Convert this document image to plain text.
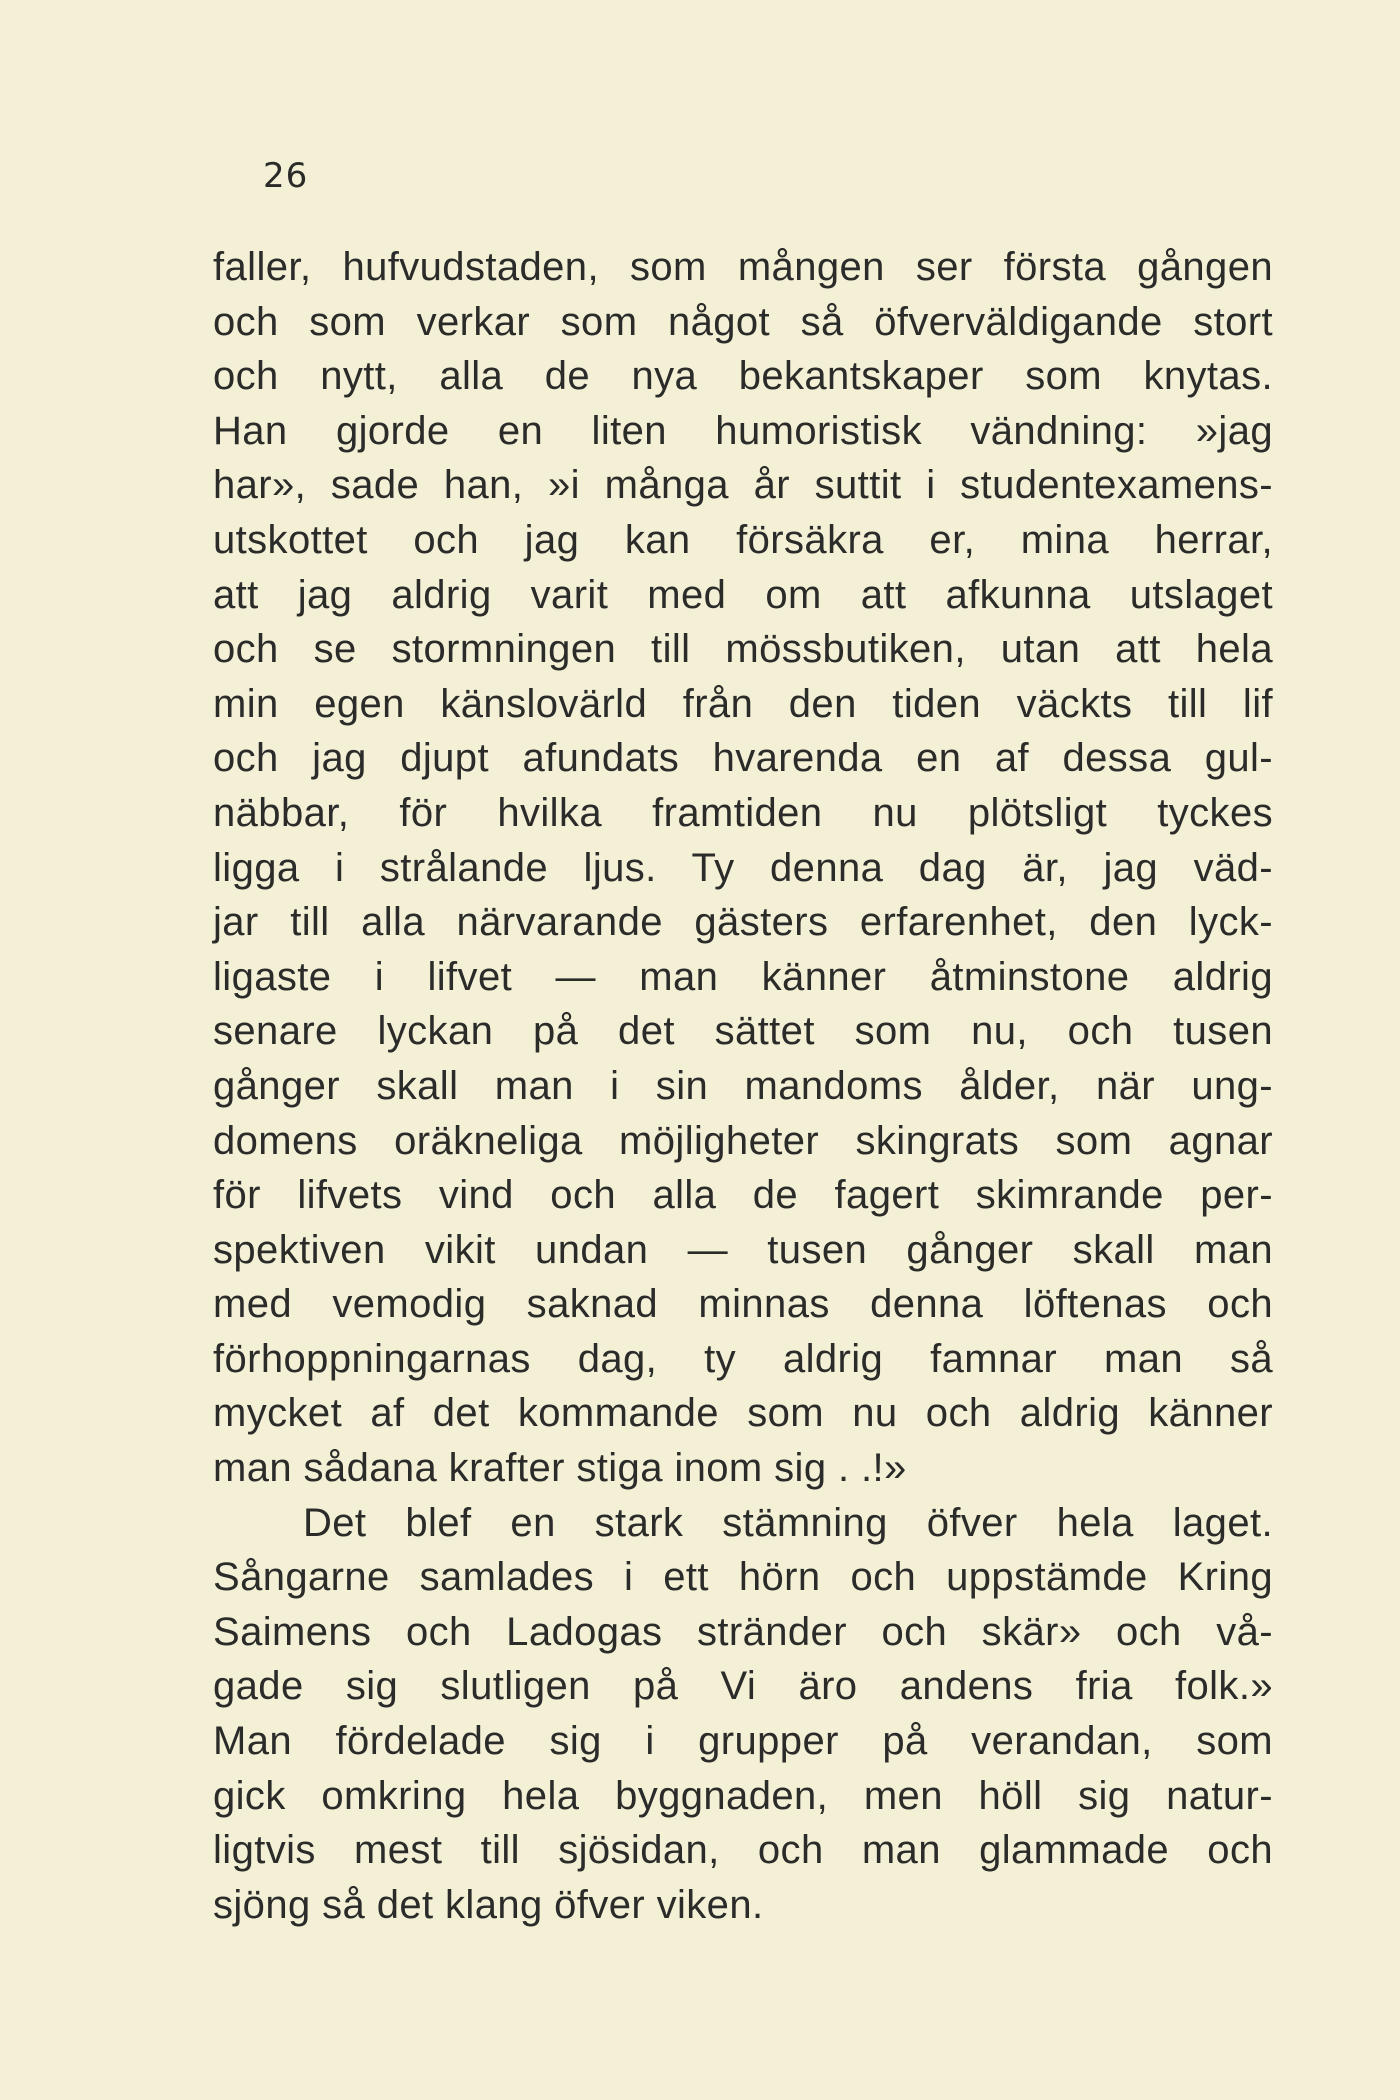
26
faller, hufvudstaden, som mången ser första gången
och som verkar som något så öfverväldigande stort
och nytt, alla de nya bekantskaper som knytas.
Han gjorde en liten humoristisk vändning: »jag
har», sade han, »i många år suttit i studentexamens-
utskottet och jag kan försäkra er, mina herrar,
att jag aldrig varit med om att afkunna utslaget
och se stormningen till mössbutiken, utan att hela
min egen känslovärld från den tiden väckts till lif
och jag djupt afundats hvarenda en af dessa gul-
näbbar, för hvilka framtiden nu plötsligt tyckes
ligga i strålande ljus. Ty denna dag är, jag väd-
jar till alla närvarande gästers erfarenhet, den lyck-
ligaste i lifvet — man känner åtminstone aldrig
senare lyckan på det sättet som nu, och tusen
gånger skall man i sin mandoms ålder, när ung-
domens oräkneliga möjligheter skingrats som agnar
för lifvets vind och alla de fagert skimrande per-
spektiven vikit undan — tusen gånger skall man
med vemodig saknad minnas denna löftenas och
förhoppningarnas dag, ty aldrig famnar man så
mycket af det kommande som nu och aldrig känner
man sådana krafter stiga inom sig . .!»
Det blef en stark stämning öfver hela laget.
Sångarne samlades i ett hörn och uppstämde Kring
Saimens och Ladogas stränder och skär» och vå-
gade sig slutligen på Vi äro andens fria folk.»
Man fördelade sig i grupper på verandan, som
gick omkring hela byggnaden, men höll sig natur-
ligtvis mest till sjösidan, och man glammade och
sjöng så det klang öfver viken.
